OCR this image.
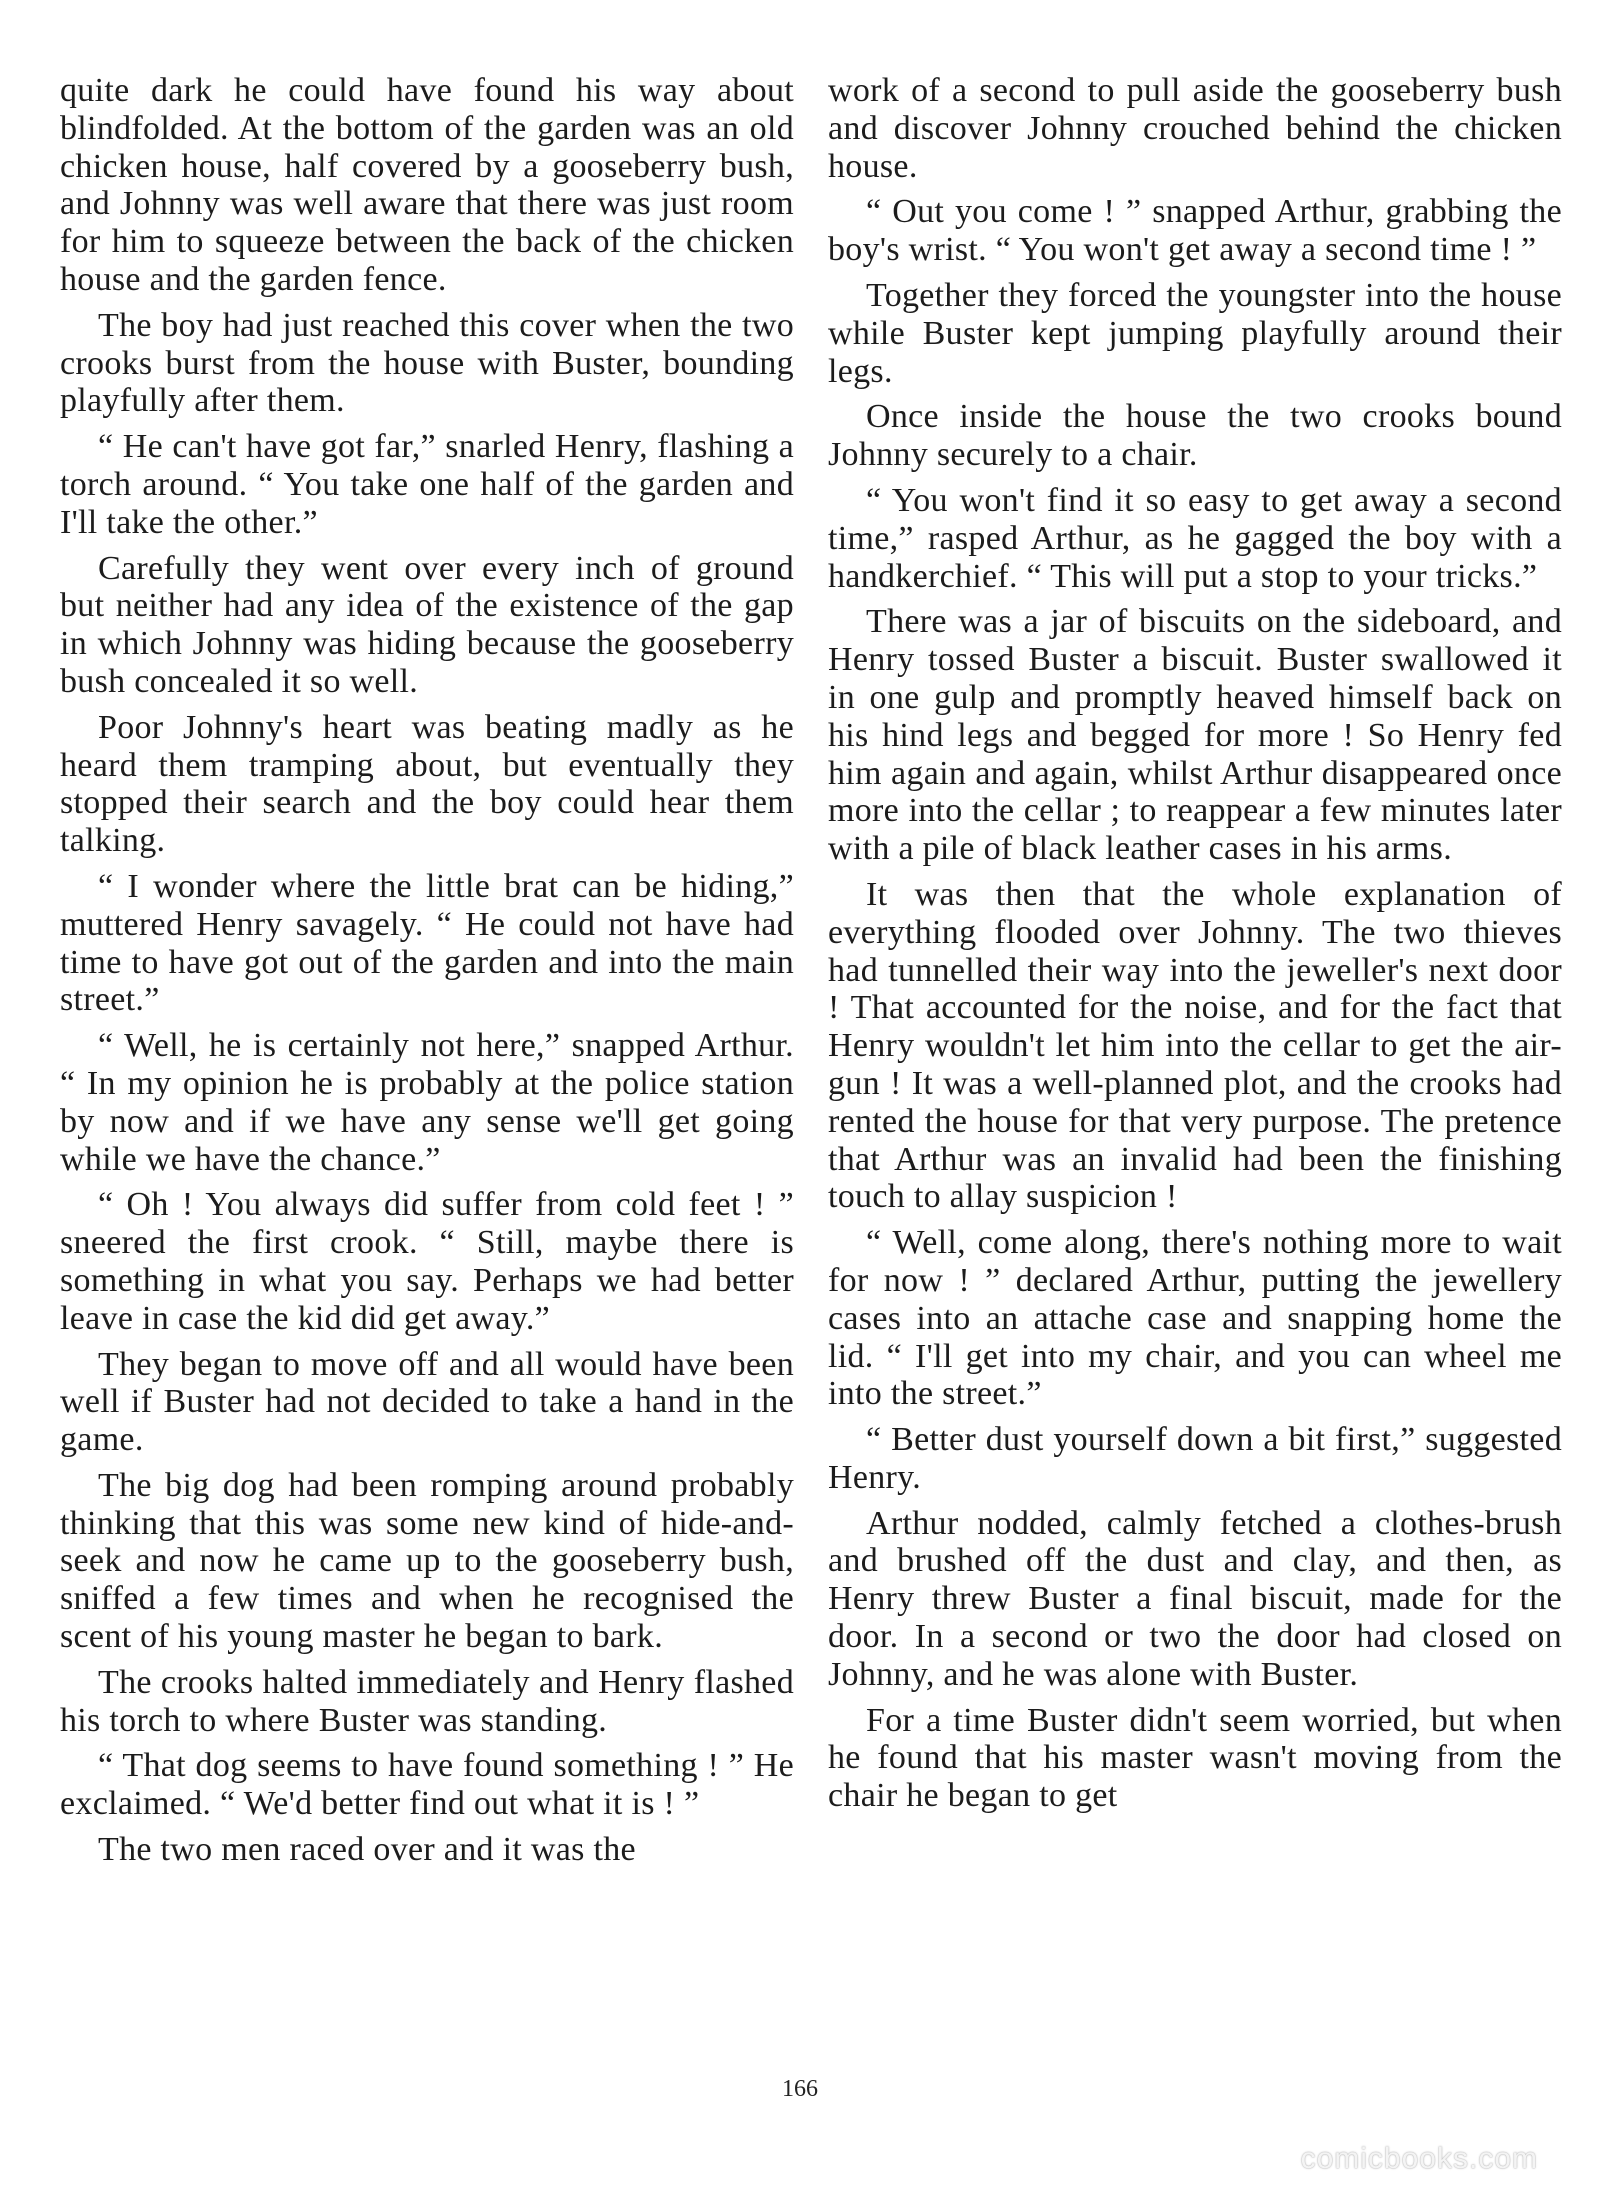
quite dark he could have found his way about blindfolded. At the bottom of the garden was an old chicken house, half covered by a gooseberry bush, and Johnny was well aware that there was just room for him to squeeze between the back of the chicken house and the garden fence.

The boy had just reached this cover when the two crooks burst from the house with Buster, bounding playfully after them.

“ He can't have got far,” snarled Henry, flashing a torch around. “ You take one half of the garden and I'll take the other.”

Carefully they went over every inch of ground but neither had any idea of the existence of the gap in which Johnny was hiding because the gooseberry bush concealed it so well.

Poor Johnny's heart was beating madly as he heard them tramping about, but eventually they stopped their search and the boy could hear them talking.

“ I wonder where the little brat can be hiding,” muttered Henry savagely. “ He could not have had time to have got out of the garden and into the main street.”

“ Well, he is certainly not here,” snapped Arthur. “ In my opinion he is probably at the police station by now and if we have any sense we'll get going while we have the chance.”

“ Oh ! You always did suffer from cold feet ! ” sneered the first crook. “ Still, maybe there is something in what you say. Perhaps we had better leave in case the kid did get away.”

They began to move off and all would have been well if Buster had not decided to take a hand in the game.

The big dog had been romping around probably thinking that this was some new kind of hide-and-seek and now he came up to the gooseberry bush, sniffed a few times and when he recognised the scent of his young master he began to bark.

The crooks halted immediately and Henry flashed his torch to where Buster was standing.

“ That dog seems to have found something ! ” He exclaimed. “ We'd better find out what it is ! ”

The two men raced over and it was the

work of a second to pull aside the gooseberry bush and discover Johnny crouched behind the chicken house.

“ Out you come ! ” snapped Arthur, grabbing the boy's wrist. “ You won't get away a second time ! ”

Together they forced the youngster into the house while Buster kept jumping playfully around their legs.

Once inside the house the two crooks bound Johnny securely to a chair.

“ You won't find it so easy to get away a second time,” rasped Arthur, as he gagged the boy with a handkerchief. “ This will put a stop to your tricks.”

There was a jar of biscuits on the sideboard, and Henry tossed Buster a biscuit. Buster swallowed it in one gulp and promptly heaved himself back on his hind legs and begged for more ! So Henry fed him again and again, whilst Arthur disappeared once more into the cellar ; to reappear a few minutes later with a pile of black leather cases in his arms.

It was then that the whole explanation of everything flooded over Johnny. The two thieves had tunnelled their way into the jeweller's next door ! That accounted for the noise, and for the fact that Henry wouldn't let him into the cellar to get the air-gun ! It was a well-planned plot, and the crooks had rented the house for that very purpose. The pretence that Arthur was an invalid had been the finishing touch to allay suspicion !

“ Well, come along, there's nothing more to wait for now ! ” declared Arthur, putting the jewellery cases into an attache case and snapping home the lid. “ I'll get into my chair, and you can wheel me into the street.”

“ Better dust yourself down a bit first,” suggested Henry.

Arthur nodded, calmly fetched a clothes-brush and brushed off the dust and clay, and then, as Henry threw Buster a final biscuit, made for the door. In a second or two the door had closed on Johnny, and he was alone with Buster.

For a time Buster didn't seem worried, but when he found that his master wasn't moving from the chair he began to get

166
comicbooks.com
